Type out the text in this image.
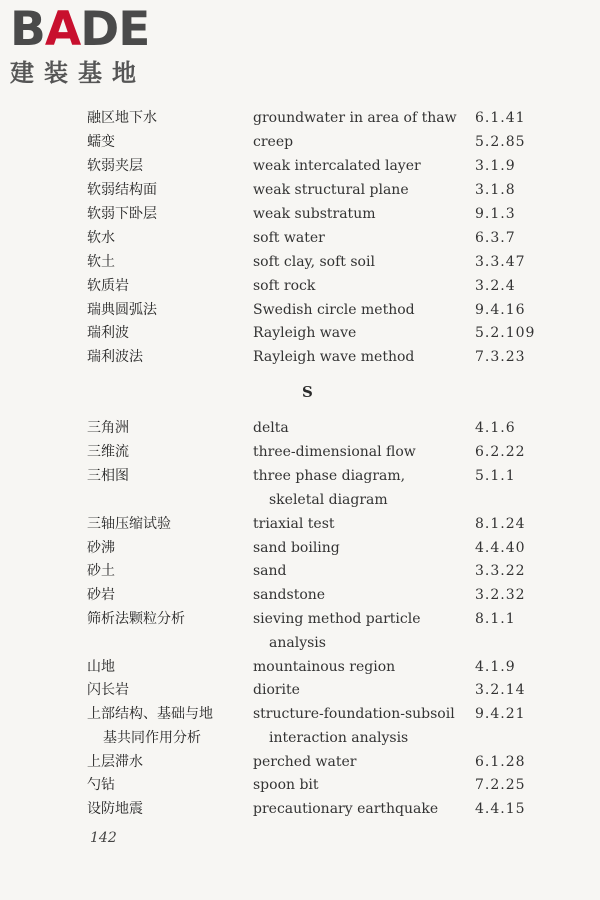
BADE
建装基地
融区地下水	groundwater in area of thaw 6.1.41
蠕变	creep	5.2.85
软弱夹层	weak intercalated layer	3.1.9
软弱结构面	weak structural plane	3.1.8
软弱下卧层	weak substratum	9.1.3
软水	soft water	6.3.7
软土	soft clay, soft soil	3.3.47
软质岩	soft rock	3.2.4
瑞典圆弧法	Swedish circle method	9.4.16
瑞利波	Rayleigh wave	5.2.109
瑞利波法	Rayleigh wave method	7.3.23
S
三角洲	delta	4.1.6
三维流	three-dimensional flow	6.2.22
三相图	three phase diagram,	5.1.1
skeletal diagram
三轴压缩试验	triaxial test	8.1.24
砂沸	sand boiling	4.4.40
砂土	sand	3.3.22
砂岩	sandstone	3.2.32
筛析法颗粒分析	sieving method particle	8.1.1
analysis
山地	mountainous region	4.1.9
闪长岩	diorite	3.2.14
上部结构、基础与地	structure-foundation-subsoil 9.4.21
基共同作用分析	interaction analysis
上层滞水	perched water	6.1.28
勺钻	spoon bit	7.2.25
设防地震	precautionary earthquake	4.4.15
142
